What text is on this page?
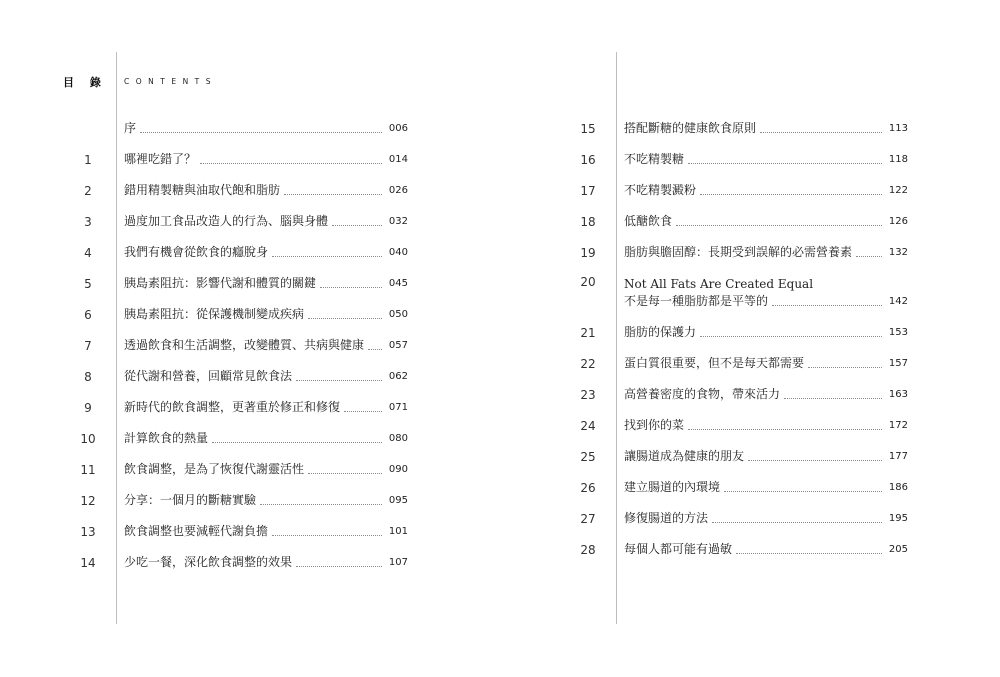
目 錄 CONTENTS
序	006
1	哪裡吃錯了？	014
2	錯用精製糖與油取代飽和脂肪	026
3	過度加工食品改造人的行為、腦與身體	032
4	我們有機會從飲食的癮脫身	040
5	胰島素阻抗：影響代謝和體質的關鍵	045
6	胰島素阻抗：從保護機制變成疾病	050
7	透過飲食和生活調整，改變體質、共病與健康 057
8	從代謝和營養，回顧常見飲食法	062
9	新時代的飲食調整，更著重於修正和修復	071
10	計算飲食的熱量	080
11	飲食調整，是為了恢復代謝靈活性	090
12	分享：一個月的斷糖實驗	095
13	飲食調整也要減輕代謝負擔	101
14	少吃一餐，深化飲食調整的效果	107
15	搭配斷糖的健康飲食原則	113
16	不吃精製糖	118
17	不吃精製澱粉	122
18	低醣飲食	126
19	脂肪與膽固醇：長期受到誤解的必需營養素	132
20	Not All Fats Are Created Equal
不是每一種脂肪都是平等的	142
21	脂肪的保護力	153
22	蛋白質很重要，但不是每天都需要	157
23	高營養密度的食物，帶來活力	163
24	找到你的菜	172
25	讓腸道成為健康的朋友	177
26	建立腸道的內環境	186
27	修復腸道的方法	195
28	每個人都可能有過敏	205
